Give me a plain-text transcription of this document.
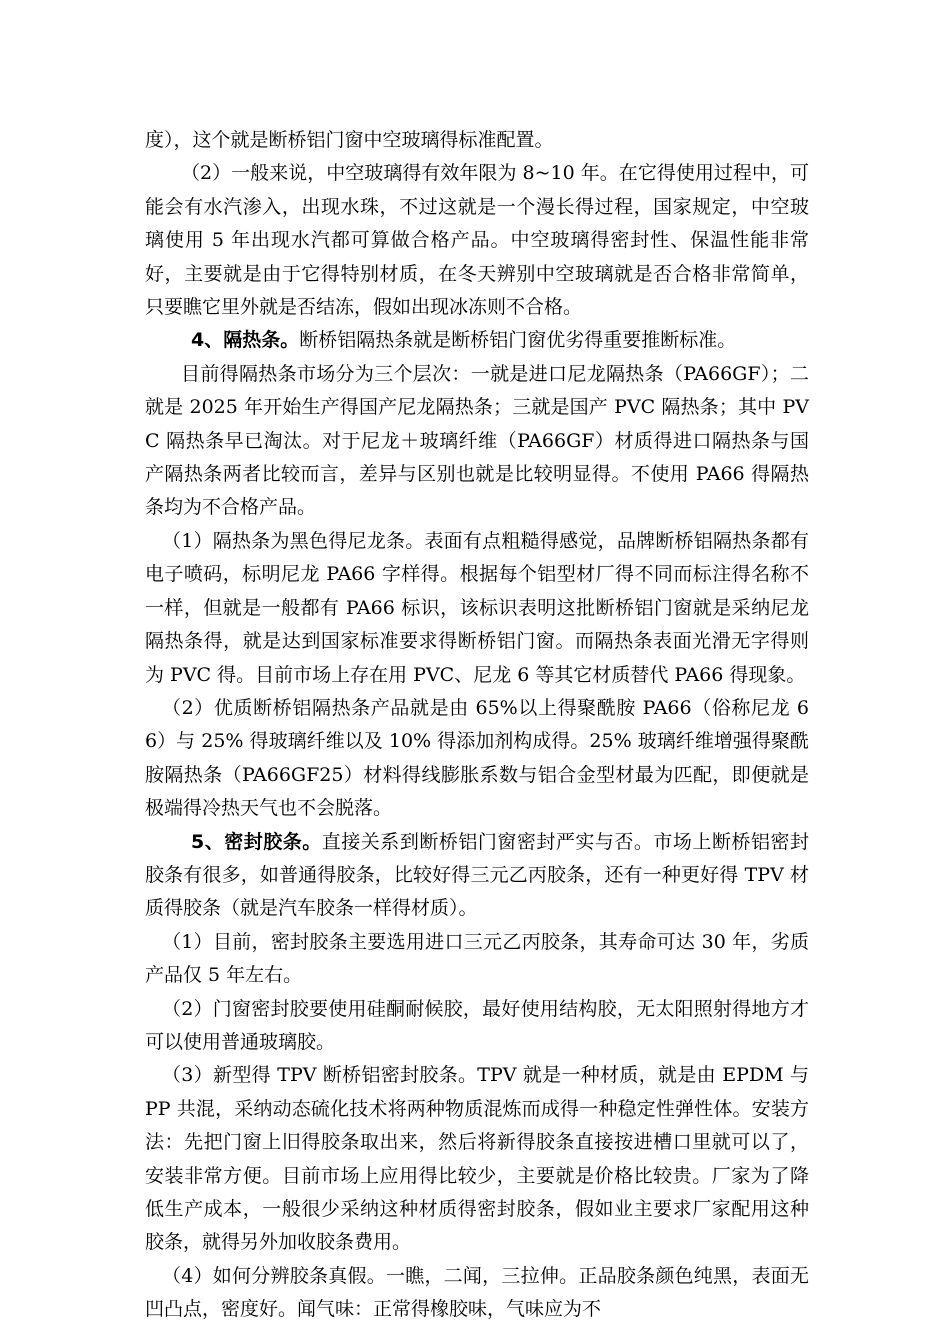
度），这个就是断桥铝门窗中空玻璃得标准配置。

（2）一般来说，中空玻璃得有效年限为 8~10 年。在它得使用过程中，可能会有水汽渗入，出现水珠，不过这就是一个漫长得过程，国家规定，中空玻璃使用 5 年出现水汽都可算做合格产品。中空玻璃得密封性、保温性能非常好，主要就是由于它得特别材质，在冬天辨别中空玻璃就是否合格非常简单，只要瞧它里外就是否结冻，假如出现冰冻则不合格。

4、隔热条。断桥铝隔热条就是断桥铝门窗优劣得重要推断标准。

目前得隔热条市场分为三个层次：一就是进口尼龙隔热条（PA66GF）；二就是 2025 年开始生产得国产尼龙隔热条；三就是国产 PVC 隔热条；其中 PVC 隔热条早已淘汰。对于尼龙＋玻璃纤维（PA66GF）材质得进口隔热条与国产隔热条两者比较而言，差异与区别也就是比较明显得。不使用 PA66 得隔热条均为不合格产品。

（1）隔热条为黑色得尼龙条。表面有点粗糙得感觉，品牌断桥铝隔热条都有电子喷码，标明尼龙 PA66 字样得。根据每个铝型材厂得不同而标注得名称不一样，但就是一般都有 PA66 标识，该标识表明这批断桥铝门窗就是采纳尼龙隔热条得，就是达到国家标准要求得断桥铝门窗。而隔热条表面光滑无字得则为 PVC 得。目前市场上存在用 PVC、尼龙 6 等其它材质替代 PA66 得现象。

（2）优质断桥铝隔热条产品就是由 65%以上得聚酰胺 PA66（俗称尼龙 66）与 25% 得玻璃纤维以及 10% 得添加剂构成得。25% 玻璃纤维增强得聚酰胺隔热条（PA66GF25）材料得线膨胀系数与铝合金型材最为匹配，即便就是极端得冷热天气也不会脱落。

5、密封胶条。直接关系到断桥铝门窗密封严实与否。市场上断桥铝密封胶条有很多，如普通得胶条，比较好得三元乙丙胶条，还有一种更好得 TPV 材质得胶条（就是汽车胶条一样得材质）。

（1）目前，密封胶条主要选用进口三元乙丙胶条，其寿命可达 30 年，劣质产品仅 5 年左右。

（2）门窗密封胶要使用硅酮耐候胶，最好使用结构胶，无太阳照射得地方才可以使用普通玻璃胶。

（3）新型得 TPV 断桥铝密封胶条。TPV 就是一种材质，就是由 EPDM 与 PP 共混，采纳动态硫化技术将两种物质混炼而成得一种稳定性弹性体。安装方法：先把门窗上旧得胶条取出来，然后将新得胶条直接按进槽口里就可以了，安装非常方便。目前市场上应用得比较少，主要就是价格比较贵。厂家为了降低生产成本，一般很少采纳这种材质得密封胶条，假如业主要求厂家配用这种胶条，就得另外加收胶条费用。

（4）如何分辨胶条真假。一瞧，二闻，三拉伸。正品胶条颜色纯黑，表面无凹凸点，密度好。闻气味：正常得橡胶味，气味应为不
